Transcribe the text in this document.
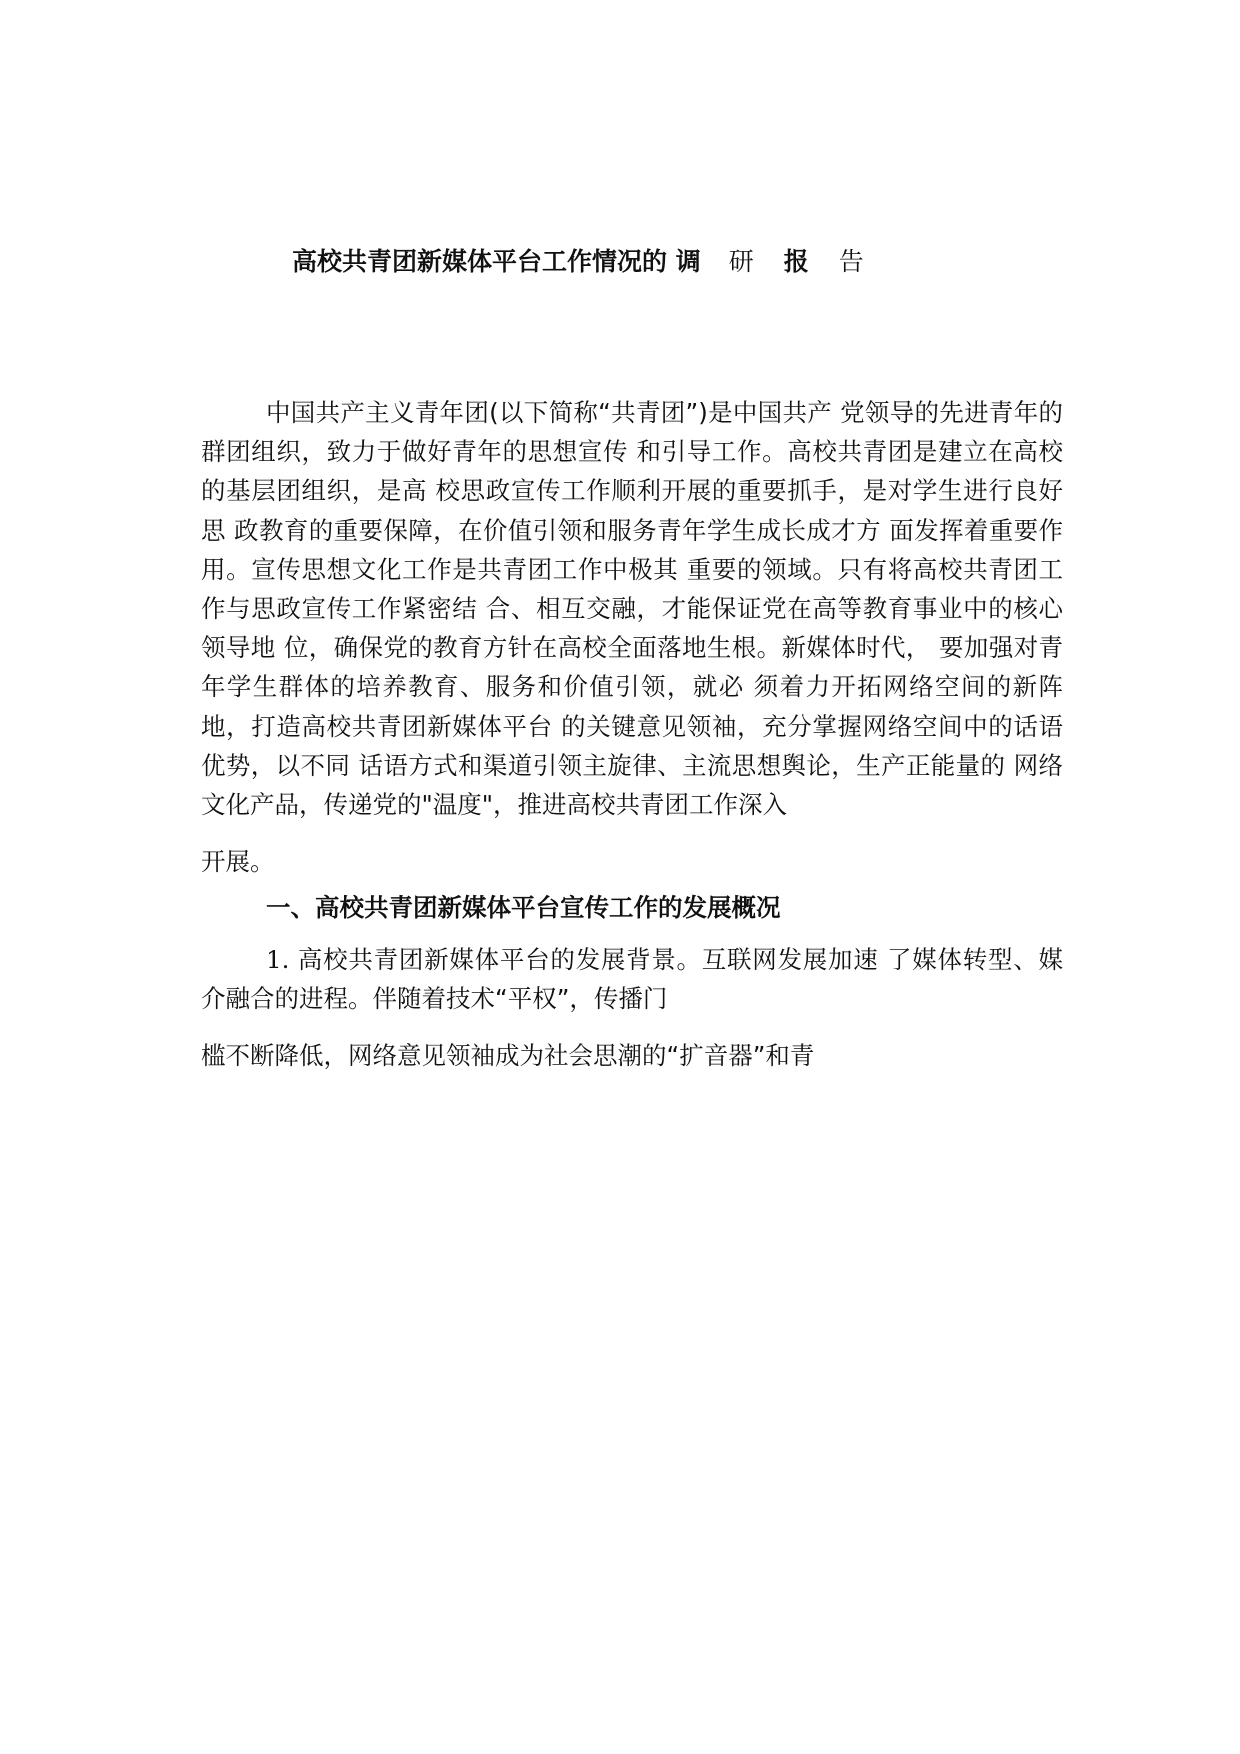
高校共青团新媒体平台工作情况的 调 研 报 告
中国共产主义青年团(以下简称“共青团”)是中国共产 党领导的先进青年的群团组织，致力于做好青年的思想宣传 和引导工作。高校共青团是建立在高校的基层团组织，是高 校思政宣传工作顺利开展的重要抓手，是对学生进行良好思 政教育的重要保障，在价值引领和服务青年学生成长成才方 面发挥着重要作用。宣传思想文化工作是共青团工作中极其 重要的领域。只有将高校共青团工作与思政宣传工作紧密结 合、相互交融，才能保证党在高等教育事业中的核心领导地 位，确保党的教育方针在高校全面落地生根。新媒体时代， 要加强对青年学生群体的培养教育、服务和价值引领，就必 须着力开拓网络空间的新阵地，打造高校共青团新媒体平台 的关键意见领袖，充分掌握网络空间中的话语优势，以不同 话语方式和渠道引领主旋律、主流思想舆论，生产正能量的 网络文化产品，传递党的"温度"，推进高校共青团工作深入
开展。
一、高校共青团新媒体平台宣传工作的发展概况
1. 高校共青团新媒体平台的发展背景。互联网发展加速 了媒体转型、媒介融合的进程。伴随着技术“平权”，传播门
槛不断降低，网络意见领袖成为社会思潮的“扩音器”和青
